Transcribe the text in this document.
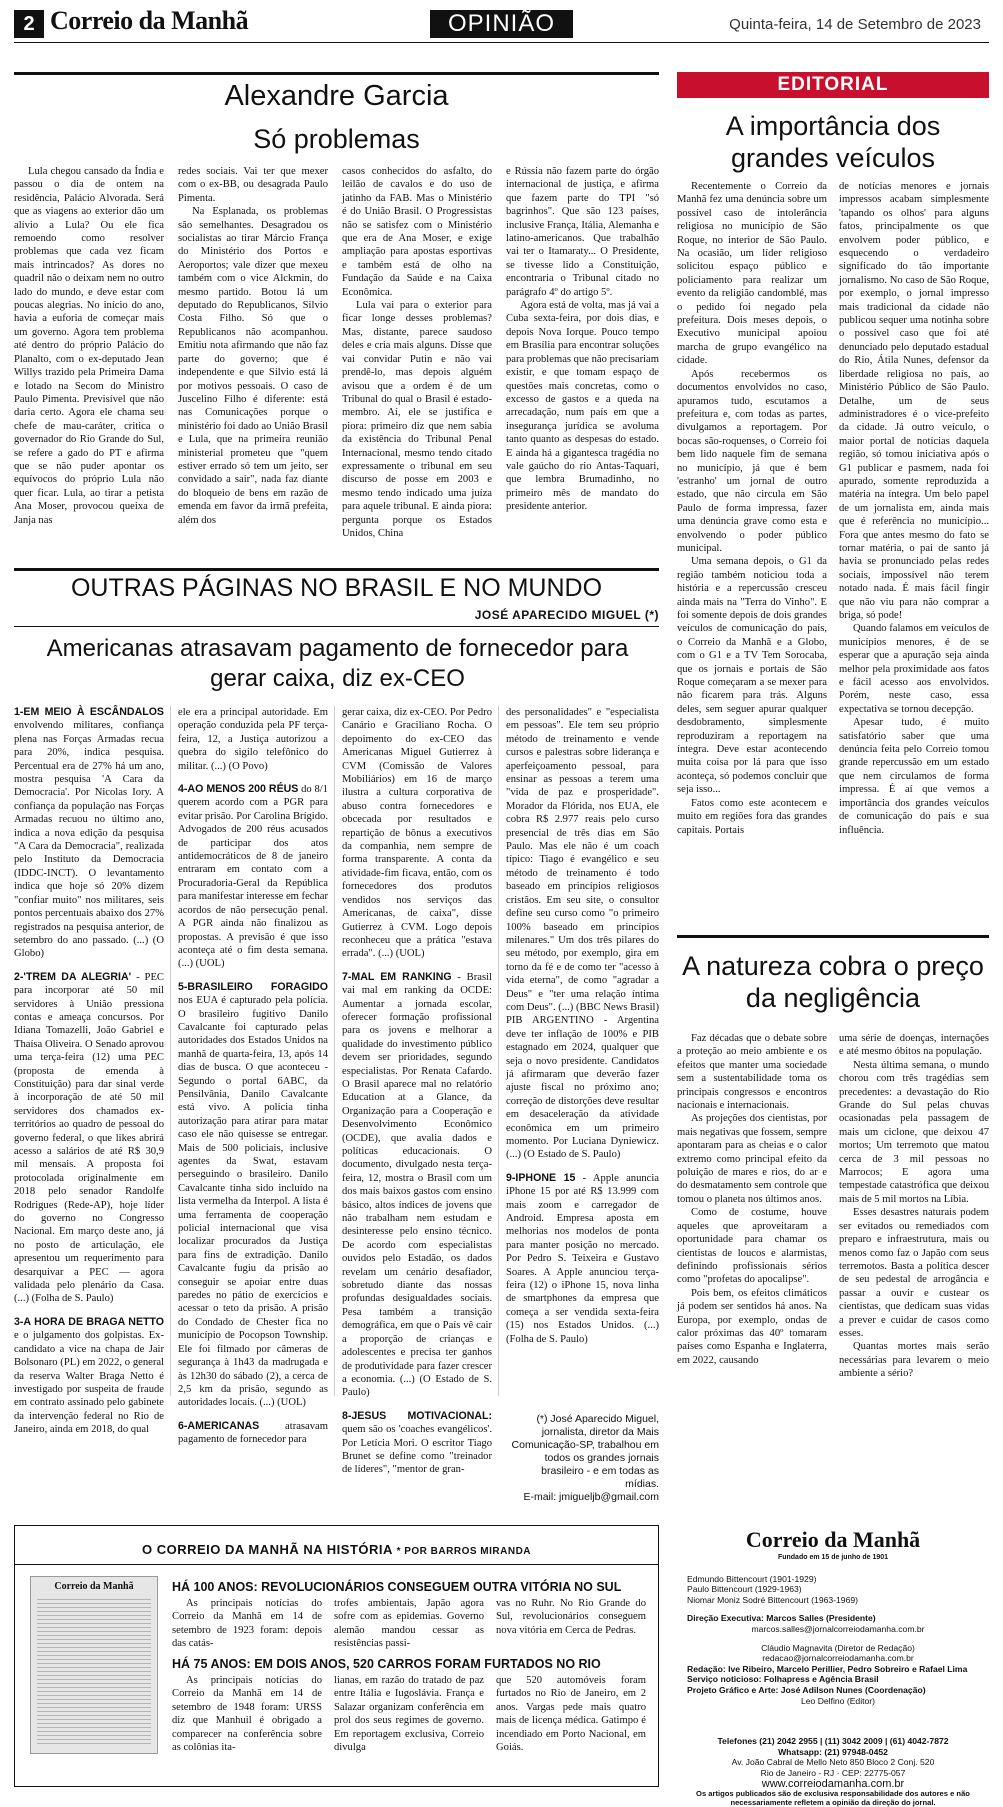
2 Correio da Manhã	OPINIÃO	Quinta-feira, 14 de Setembro de 2023
Alexandre Garcia
Só problemas

Lula chegou cansado da Índia e passou o dia de ontem na residência, Palácio Alvorada. Será que as viagens ao exterior dão um alívio a Lula? Ou ele fica remoendo como resolver problemas que cada vez ficam mais intrincados? As dores no quadril não o deixam nem no outro lado do mundo, e deve estar com poucas alegrias. No início do ano, havia a euforia de começar mais um governo. Agora tem problema até dentro do próprio Palácio do Planalto, com o ex-deputado Jean Willys trazido pela Primeira Dama e lotado na Secom do Ministro Paulo Pimenta. Previsível que não daria certo. Agora ele chama seu chefe de mau-caráter, critica o governador do Rio Grande do Sul, se refere a gado do PT e afirma que se não puder apontar os equívocos do próprio Lula não quer ficar. Lula, ao tirar a petista Ana Moser, provocou queixa de Janja nas

redes sociais. Vai ter que mexer com o ex-BB, ou desagrada Paulo Pimenta.

Na Esplanada, os problemas são semelhantes. Desagradou os socialistas ao tirar Márcio França do Ministério dos Portos e Aeroportos; vale dizer que mexeu também com o vice Alckmin, do mesmo partido. Botou lá um deputado do Republicanos, Silvio Costa Filho. Só que o Republicanos não acompanhou. Emitiu nota afirmando que não faz parte do governo; que é independente e que Silvio está lá por motivos pessoais. O caso de Juscelino Filho é diferente: está nas Comunicações porque o ministério foi dado ao União Brasil e Lula, que na primeira reunião ministerial prometeu que "quem estiver errado só tem um jeito, ser convidado a sair", nada faz diante do bloqueio de bens em razão de emenda em favor da irmã prefeita, além dos

casos conhecidos do asfalto, do leilão de cavalos e do uso de jatinho da FAB. Mas o Ministério é do União Brasil. O Progressistas não se satisfez com o Ministério que era de Ana Moser, e exige ampliação para apostas esportivas e também está de olho na Fundação da Saúde e na Caixa Econômica.

Lula vai para o exterior para ficar longe desses problemas? Mas, distante, parece saudoso deles e cria mais alguns. Disse que vai convidar Putin e não vai prendê-lo, mas depois alguém avisou que a ordem é de um Tribunal do qual o Brasil é estado-membro. Aí, ele se justifica e piora: primeiro diz que nem sabia da existência do Tribunal Penal Internacional, mesmo tendo citado expressamente o tribunal em seu discurso de posse em 2003 e mesmo tendo indicado uma juíza para aquele tribunal. E ainda piora: pergunta porque os Estados Unidos, China

e Rússia não fazem parte do órgão internacional de justiça, e afirma que fazem parte do TPI "só bagrinhos". Que são 123 países, inclusive França, Itália, Alemanha e latino-americanos. Que trabalhão vai ter o Itamaraty... O Presidente, se tivesse lido a Constituição, encontraria o Tribunal citado no parágrafo 4º do artigo 5º.

Agora está de volta, mas já vai a Cuba sexta-feira, por dois dias, e depois Nova Iorque. Pouco tempo em Brasília para encontrar soluções para problemas que não precisariam existir, e que tomam espaço de questões mais concretas, como o excesso de gastos e a queda na arrecadação, num país em que a insegurança jurídica se avoluma tanto quanto as despesas do estado. E ainda há a gigantesca tragédia no vale gaúcho do rio Antas-Taquari, que lembra Brumadinho, no primeiro mês de mandato do presidente anterior.

OUTRAS PÁGINAS NO BRASIL E NO MUNDO
JOSÉ APARECIDO MIGUEL (*)
Americanas atrasavam pagamento de fornecedor para gerar caixa, diz ex-CEO

1-EM MEIO À ESCÂNDALOS envolvendo militares, confiança plena nas Forças Armadas recua para 20%, indica pesquisa. Percentual era de 27% há um ano, mostra pesquisa 'A Cara da Democracia'. Por Nicolas Iory. A confiança da população nas Forças Armadas recuou no último ano, indica a nova edição da pesquisa "A Cara da Democracia", realizada pelo Instituto da Democracia (IDDC-INCT). O levantamento indica que hoje só 20% dizem "confiar muito" nos militares, seis pontos percentuais abaixo dos 27% registrados na pesquisa anterior, de setembro do ano passado. (...) (O Globo)

2-'TREM DA ALEGRIA' - PEC para incorporar até 50 mil servidores à União pressiona contas e ameaça concursos. Por Idiana Tomazelli, João Gabriel e Thaísa Oliveira. O Senado aprovou uma terça-feira (12) uma PEC (proposta de emenda à Constituição) para dar sinal verde à incorporação de até 50 mil servidores dos chamados ex-territórios ao quadro de pessoal do governo federal, o que likes abrirá acesso a salários de até R$ 30,9 mil mensais. A proposta foi protocolada originalmente em 2018 pelo senador Randolfe Rodrigues (Rede-AP), hoje líder do governo no Congresso Nacional. Em março deste ano, já no posto de articulação, ele apresentou um requerimento para desarquivar a PEC — agora validada pelo plenário da Casa. (...) (Folha de S. Paulo)

3-A HORA DE BRAGA NETTO e o julgamento dos golpistas. Ex-candidato a vice na chapa de Jair Bolsonaro (PL) em 2022, o general da reserva Walter Braga Netto é investigado por suspeita de fraude em contrato assinado pelo gabinete da intervenção federal no Rio de Janeiro, ainda em 2018, do qual

ele era a principal autoridade. Em operação conduzida pela PF terça-feira, 12, a Justiça autorizou a quebra do sigilo telefônico do militar. (...) (O Povo)

4-AO MENOS 200 RÉUS do 8/1 querem acordo com a PGR para evitar prisão. Por Carolina Brígido. Advogados de 200 réus acusados de participar dos atos antidemocráticos de 8 de janeiro entraram em contato com a Procuradoria-Geral da República para manifestar interesse em fechar acordos de não persecução penal. A PGR ainda não finalizou as propostas. A previsão é que isso aconteça até o fim desta semana. (...) (UOL)

5-BRASILEIRO FORAGIDO nos EUA é capturado pela polícia. O brasileiro fugitivo Danilo Cavalcante foi capturado pelas autoridades dos Estados Unidos na manhã de quarta-feira, 13, após 14 dias de busca. O que aconteceu - Segundo o portal 6ABC, da Pensilvânia, Danilo Cavalcante está vivo. A polícia tinha autorização para atirar para matar caso ele não quisesse se entregar. Mais de 500 policiais, inclusive agentes da Swat, estavam perseguindo o brasileiro. Danilo Cavalcante tinha sido incluído na lista vermelha da Interpol. A lista é uma ferramenta de cooperação policial internacional que visa localizar procurados da Justiça para fins de extradição. Danilo Cavalcante fugiu da prisão ao conseguir se apoiar entre duas paredes no pátio de exercícios e acessar o teto da prisão. A prisão do Condado de Chester fica no município de Pocopson Township. Ele foi filmado por câmeras de segurança à 1h43 da madrugada e às 12h30 do sábado (2), a cerca de 2,5 km da prisão, segundo as autoridades locais. (...) (UOL)

6-AMERICANAS atrasavam pagamento de fornecedor para

gerar caixa, diz ex-CEO. Por Pedro Canário e Graciliano Rocha. O depoimento do ex-CEO das Americanas Miguel Gutierrez à CVM (Comissão de Valores Mobiliários) em 16 de março ilustra a cultura corporativa de abuso contra fornecedores e obcecada por resultados e repartição de bônus a executivos da companhia, nem sempre de forma transparente. A conta da atividade-fim ficava, então, com os fornecedores dos produtos vendidos nos serviços das Americanas, de caixa", disse Gutierrez à CVM. Logo depois reconheceu que a prática "estava errada". (...) (UOL)

7-MAL EM RANKING - Brasil vai mal em ranking da OCDE: Aumentar a jornada escolar, oferecer formação profissional para os jovens e melhorar a qualidade do investimento público devem ser prioridades, segundo especialistas. Por Renata Cafardo. O Brasil aparece mal no relatório Education at a Glance, da Organização para a Cooperação e Desenvolvimento Econômico (OCDE), que avalia dados e políticas educacionais. O documento, divulgado nesta terça-feira, 12, mostra o Brasil com um dos mais baixos gastos com ensino básico, altos índices de jovens que não trabalham nem estudam e desinteresse pelo ensino técnico. De acordo com especialistas ouvidos pelo Estadão, os dados revelam um cenário desafiador, sobretudo diante das nossas profundas desigualdades sociais. Pesa também a transição demográfica, em que o País vê cair a proporção de crianças e adolescentes e precisa ter ganhos de produtividade para fazer crescer a economia. (...) (O Estado de S. Paulo)

8-JESUS MOTIVACIONAL: quem são os 'coaches evangélicos'. Por Letícia Mori. O escritor Tiago Brunet se define como "treinador de líderes", "mentor de gran-

des personalidades" e "especialista em pessoas". Ele tem seu próprio método de treinamento e vende cursos e palestras sobre liderança e aperfeiçoamento pessoal, para ensinar as pessoas a terem uma "vida de paz e prosperidade". Morador da Flórida, nos EUA, ele cobra R$ 2.977 reais pelo curso presencial de três dias em São Paulo. Mas ele não é um coach típico: Tiago é evangélico e seu método de treinamento é todo baseado em princípios religiosos cristãos. Em seu site, o consultor define seu curso como "o primeiro 100% baseado em princípios milenares." Um dos três pilares do seu método, por exemplo, gira em torno da fé e de como ter "acesso à vida eterna", de como "agradar a Deus" e "ter uma relação íntima com Deus". (...) (BBC News Brasil) PIB ARGENTINO - Argentina deve ter inflação de 100% e PIB estagnado em 2024, qualquer que seja o novo presidente. Candidatos já afirmaram que deverão fazer ajuste fiscal no próximo ano; correção de distorções deve resultar em desaceleração da atividade econômica em um primeiro momento. Por Luciana Dyniewicz. (...) (O Estado de S. Paulo)

9-IPHONE 15 - Apple anuncia iPhone 15 por até R$ 13.999 com mais zoom e carregador de Android. Empresa aposta em melhorias nos modelos de ponta para manter posição no mercado. Por Pedro S. Teixeira e Gustavo Soares. A Apple anunciou terça-feira (12) o iPhone 15, nova linha de smartphones da empresa que começa a ser vendida sexta-feira (15) nos Estados Unidos. (...) (Folha de S. Paulo)

(*) José Aparecido Miguel, jornalista, diretor da Mais Comunicação-SP, trabalhou em todos os grandes jornais brasileiro - e em todas as mídias.
E-mail: jmigueljb@gmail.com
EDITORIAL
A importância dos grandes veículos

Recentemente o Correio da Manhã fez uma denúncia sobre um possível caso de intolerância religiosa no município de São Roque, no interior de São Paulo. Na ocasião, um líder religioso solicitou espaço público e policiamento para realizar um evento da religião candomblé, mas o pedido foi negado pela prefeitura. Dois meses depois, o Executivo municipal apoiou marcha de grupo evangélico na cidade.

Após recebermos os documentos envolvidos no caso, apuramos tudo, escutamos a prefeitura e, com todas as partes, divulgamos a reportagem. Por bocas são-roquenses, o Correio foi bem lido naquele fim de semana no município, já que é bem 'estranho' um jornal de outro estado, que não circula em São Paulo de forma impressa, fazer uma denúncia grave como esta e envolvendo o poder público municipal.

Uma semana depois, o G1 da região também noticiou toda a história e a repercussão cresceu ainda mais na "Terra do Vinho". E foi somente depois de dois grandes veículos de comunicação do país, o Correio da Manhã e a Globo, com o G1 e a TV Tem Sorocaba, que os jornais e portais de São Roque começaram a se mexer para não ficarem para trás. Alguns deles, sem seguer apurar qualquer desdobramento, simplesmente reproduziram a reportagem na íntegra. Deve estar acontecendo muita coisa por lá para que isso aconteça, só podemos concluir que seja isso...

Fatos como este acontecem e muito em regiões fora das grandes capitais. Portais

de notícias menores e jornais impressos acabam simplesmente 'tapando os olhos' para alguns fatos, principalmente os que envolvem poder público, e esquecendo o verdadeiro significado do tão importante jornalismo. No caso de São Roque, por exemplo, o jornal impresso mais tradicional da cidade não publicou sequer uma notinha sobre o possível caso que foi até denunciado pelo deputado estadual do Rio, Átila Nunes, defensor da liberdade religiosa no país, ao Ministério Público de São Paulo. Detalhe, um de seus administradores é o vice-prefeito da cidade. Já outro veículo, o maior portal de notícias daquela região, só tomou iniciativa após o G1 publicar e pasmem, nada foi apurado, somente reproduzida a matéria na íntegra. Um belo papel de um jornalista em, ainda mais que é referência no município... Fora que antes mesmo do fato se tornar matéria, o pai de santo já havia se pronunciado pelas redes sociais, impossível não terem notado nada. É mais fácil fingir que não viu para não comprar a briga, só pode!

Quando falamos em veículos de municípios menores, é de se esperar que a apuração seja ainda melhor pela proximidade aos fatos e fácil acesso aos envolvidos. Porém, neste caso, essa expectativa se tornou decepção.

Apesar tudo, é muito satisfatório saber que uma denúncia feita pelo Correio tomou grande repercussão em um estado que nem circulamos de forma impressa. É aí que vemos a importância dos grandes veículos de comunicação do país e sua influência.

A natureza cobra o preço da negligência

Faz décadas que o debate sobre a proteção ao meio ambiente e os efeitos que manter uma sociedade sem a sustentabilidade toma os principais congressos e encontros nacionais e internacionais.

As projeções dos cientistas, por mais negativas que fossem, sempre apontaram para as cheias e o calor extremo como principal efeito da poluição de mares e rios, do ar e do desmatamento sem controle que tomou o planeta nos últimos anos.

Como de costume, houve aqueles que aproveitaram a oportunidade para chamar os cientistas de loucos e alarmistas, definindo profissionais sérios como "profetas do apocalipse".

Pois bem, os efeitos climáticos já podem ser sentidos há anos. Na Europa, por exemplo, ondas de calor próximas das 40º tomaram países como Espanha e Inglaterra, em 2022, causando

uma série de doenças, internações e até mesmo óbitos na população.

Nesta última semana, o mundo chorou com três tragédias sem precedentes: a devastação do Rio Grande do Sul pelas chuvas ocasionadas pela passagem de mais um ciclone, que deixou 47 mortos; Um terremoto que matou cerca de 3 mil pessoas no Marrocos; E agora uma tempestade catastrófica que deixou mais de 5 mil mortos na Líbia.

Esses desastres naturais podem ser evitados ou remediados com preparo e infraestrutura, mais ou menos como faz o Japão com seus terremotos. Basta a política descer de seu pedestal de arrogância e passar a ouvir e custear os cientistas, que dedicam suas vidas a prever e cuidar de casos como esses.

Quantas mortes mais serão necessárias para levarem o meio ambiente a sério?

O CORREIO DA MANHÃ NA HISTÓRIA * POR BARROS MIRANDA
Correio da Manhã	HÁ 100 ANOS: REVOLUCIONÁRIOS CONSEGUEM OUTRA VITÓRIA NO SUL

As principais notícias do Correio da Manhã em 14 de setembro de 1923 foram: depois das catás-

trofes ambientais, Japão agora sofre com as epidemias. Governo alemão mandou cessar as resistências passi-

vas no Ruhr. No Rio Grande do Sul, revolucionários conseguem nova vitória em Cerca de Pedras.

HÁ 75 ANOS: EM DOIS ANOS, 520 CARROS FORAM FURTADOS NO RIO

As principais notícias do Correio da Manhã em 14 de setembro de 1948 foram: URSS diz que Manhuil é obrigado a comparecer na conferência sobre as colônias ita-

lianas, em razão do tratado de paz entre Itália e Iugoslávia. França e Salazar organizam conferência em prol dos seus regimes de governo. Em reportagem exclusiva, Correio divulga

que 520 automóveis foram furtados no Rio de Janeiro, em 2 anos. Vargas pede mais quatro mais de licença médica. Gatimpo é incendiado em Porto Nacional, em Goiás.

Correio da Manhã
Fundado em 15 de junho de 1901
Edmundo Bittencourt (1901-1929)
Paulo Bittencourt (1929-1963)
Niomar Moniz Sodré Bittencourt (1963-1969)
Direção Executiva: Marcos Salles (Presidente)
marcos.salles@jornalcorreiodamanha.com.br
Cláudio Magnavita (Diretor de Redação)
redacao@jornalcorreiodamanha.com.br
Redação: Ive Ribeiro, Marcelo Perillier, Pedro Sobreiro e Rafael Lima
Serviço noticioso: Folhapress e Agência Brasil
Projeto Gráfico e Arte: José Adilson Nunes (Coordenação)
Leo Delfino (Editor)
Telefones (21) 2042 2955 | (11) 3042 2009 | (61) 4042-7872
Whatsapp: (21) 97948-0452
Av. João Cabral de Mello Neto 850 Bloco 2 Conj. 520
Rio de Janeiro - RJ · CEP: 22775-057
www.correiodamanha.com.br
Os artigos publicados são de exclusiva responsabilidade dos autores e não necessariamente refletem a opinião da direção do jornal.
